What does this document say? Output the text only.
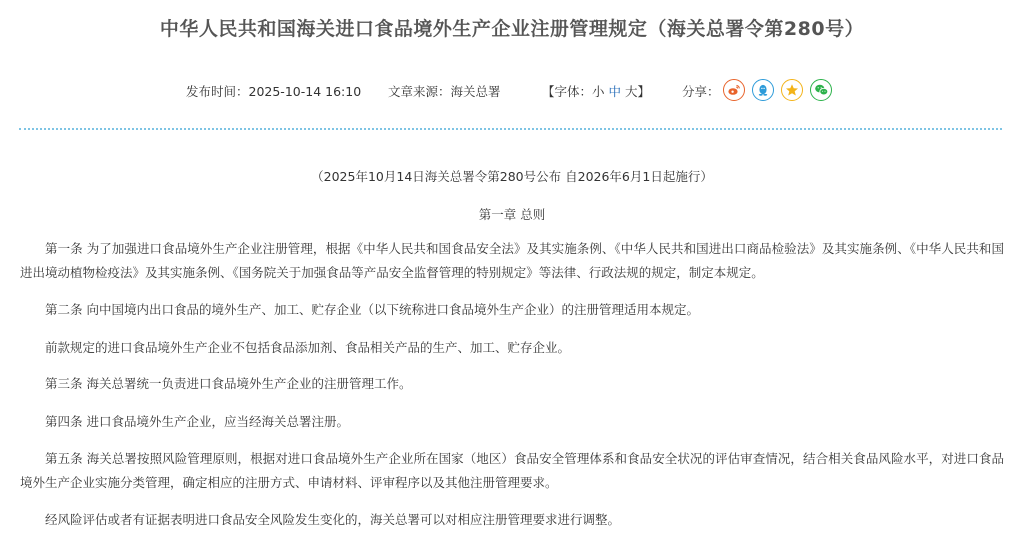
中华人民共和国海关进口食品境外生产企业注册管理规定（海关总署令第280号）
发布时间：2025-10-14 16:10 文章来源：海关总署	【字体：小 中 大】	分享：
（2025年10月14日海关总署令第280号公布 自2026年6月1日起施行）
第一章 总则

第一条 为了加强进口食品境外生产企业注册管理，根据《中华人民共和国食品安全法》及其实施条例、《中华人民共和国进出口商品检验法》及其实施条例、《中华人民共和国进出境动植物检疫法》及其实施条例、《国务院关于加强食品等产品安全监督管理的特别规定》等法律、行政法规的规定，制定本规定。

第二条 向中国境内出口食品的境外生产、加工、贮存企业（以下统称进口食品境外生产企业）的注册管理适用本规定。

前款规定的进口食品境外生产企业不包括食品添加剂、食品相关产品的生产、加工、贮存企业。

第三条 海关总署统一负责进口食品境外生产企业的注册管理工作。

第四条 进口食品境外生产企业，应当经海关总署注册。

第五条 海关总署按照风险管理原则，根据对进口食品境外生产企业所在国家（地区）食品安全管理体系和食品安全状况的评估审查情况，结合相关食品风险水平，对进口食品境外生产企业实施分类管理，确定相应的注册方式、申请材料、评审程序以及其他注册管理要求。

经风险评估或者有证据表明进口食品安全风险发生变化的，海关总署可以对相应注册管理要求进行调整。
